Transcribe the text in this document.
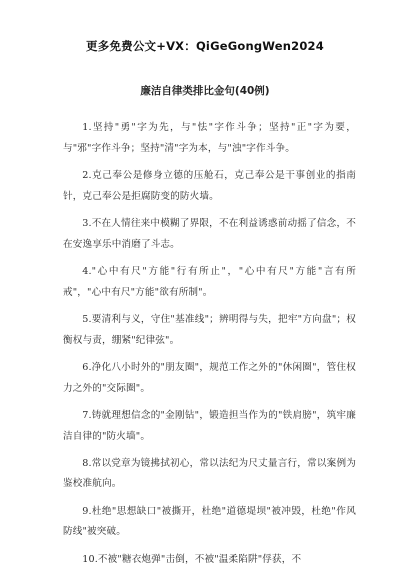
更多免费公文+VX：QiGeGongWen2024
廉洁自律类排比金句(40例)

1.坚持"勇"字为先，与"怯"字作斗争；坚持"正"字为要，与"邪"字作斗争；坚持"清"字为本，与"浊"字作斗争。

2.克己奉公是修身立德的压舱石，克己奉公是干事创业的指南针，克己奉公是拒腐防变的防火墙。

3.不在人情往来中模糊了界限，不在利益诱惑前动摇了信念，不在安逸享乐中消磨了斗志。

4."心中有尺"方能"行有所止"，"心中有尺"方能"言有所戒"，"心中有尺"方能"欲有所制"。

5.要清利与义，守住"基准线"；辨明得与失，把牢"方向盘"；权衡权与责，绷紧"纪律弦"。

6.净化八小时外的"朋友圈"，规范工作之外的"休闲圈"，管住权力之外的"交际圈"。

7.铸就理想信念的"金刚钻"，锻造担当作为的"铁肩膀"，筑牢廉洁自律的"防火墙"。

8.常以党章为镜拂拭初心，常以法纪为尺丈量言行，常以案例为鉴校准航向。

9.杜绝"思想缺口"被撕开，杜绝"道德堤坝"被冲毁，杜绝"作风防线"被突破。

10.不被"糖衣炮弹"击倒，不被"温柔陷阱"俘获，不
